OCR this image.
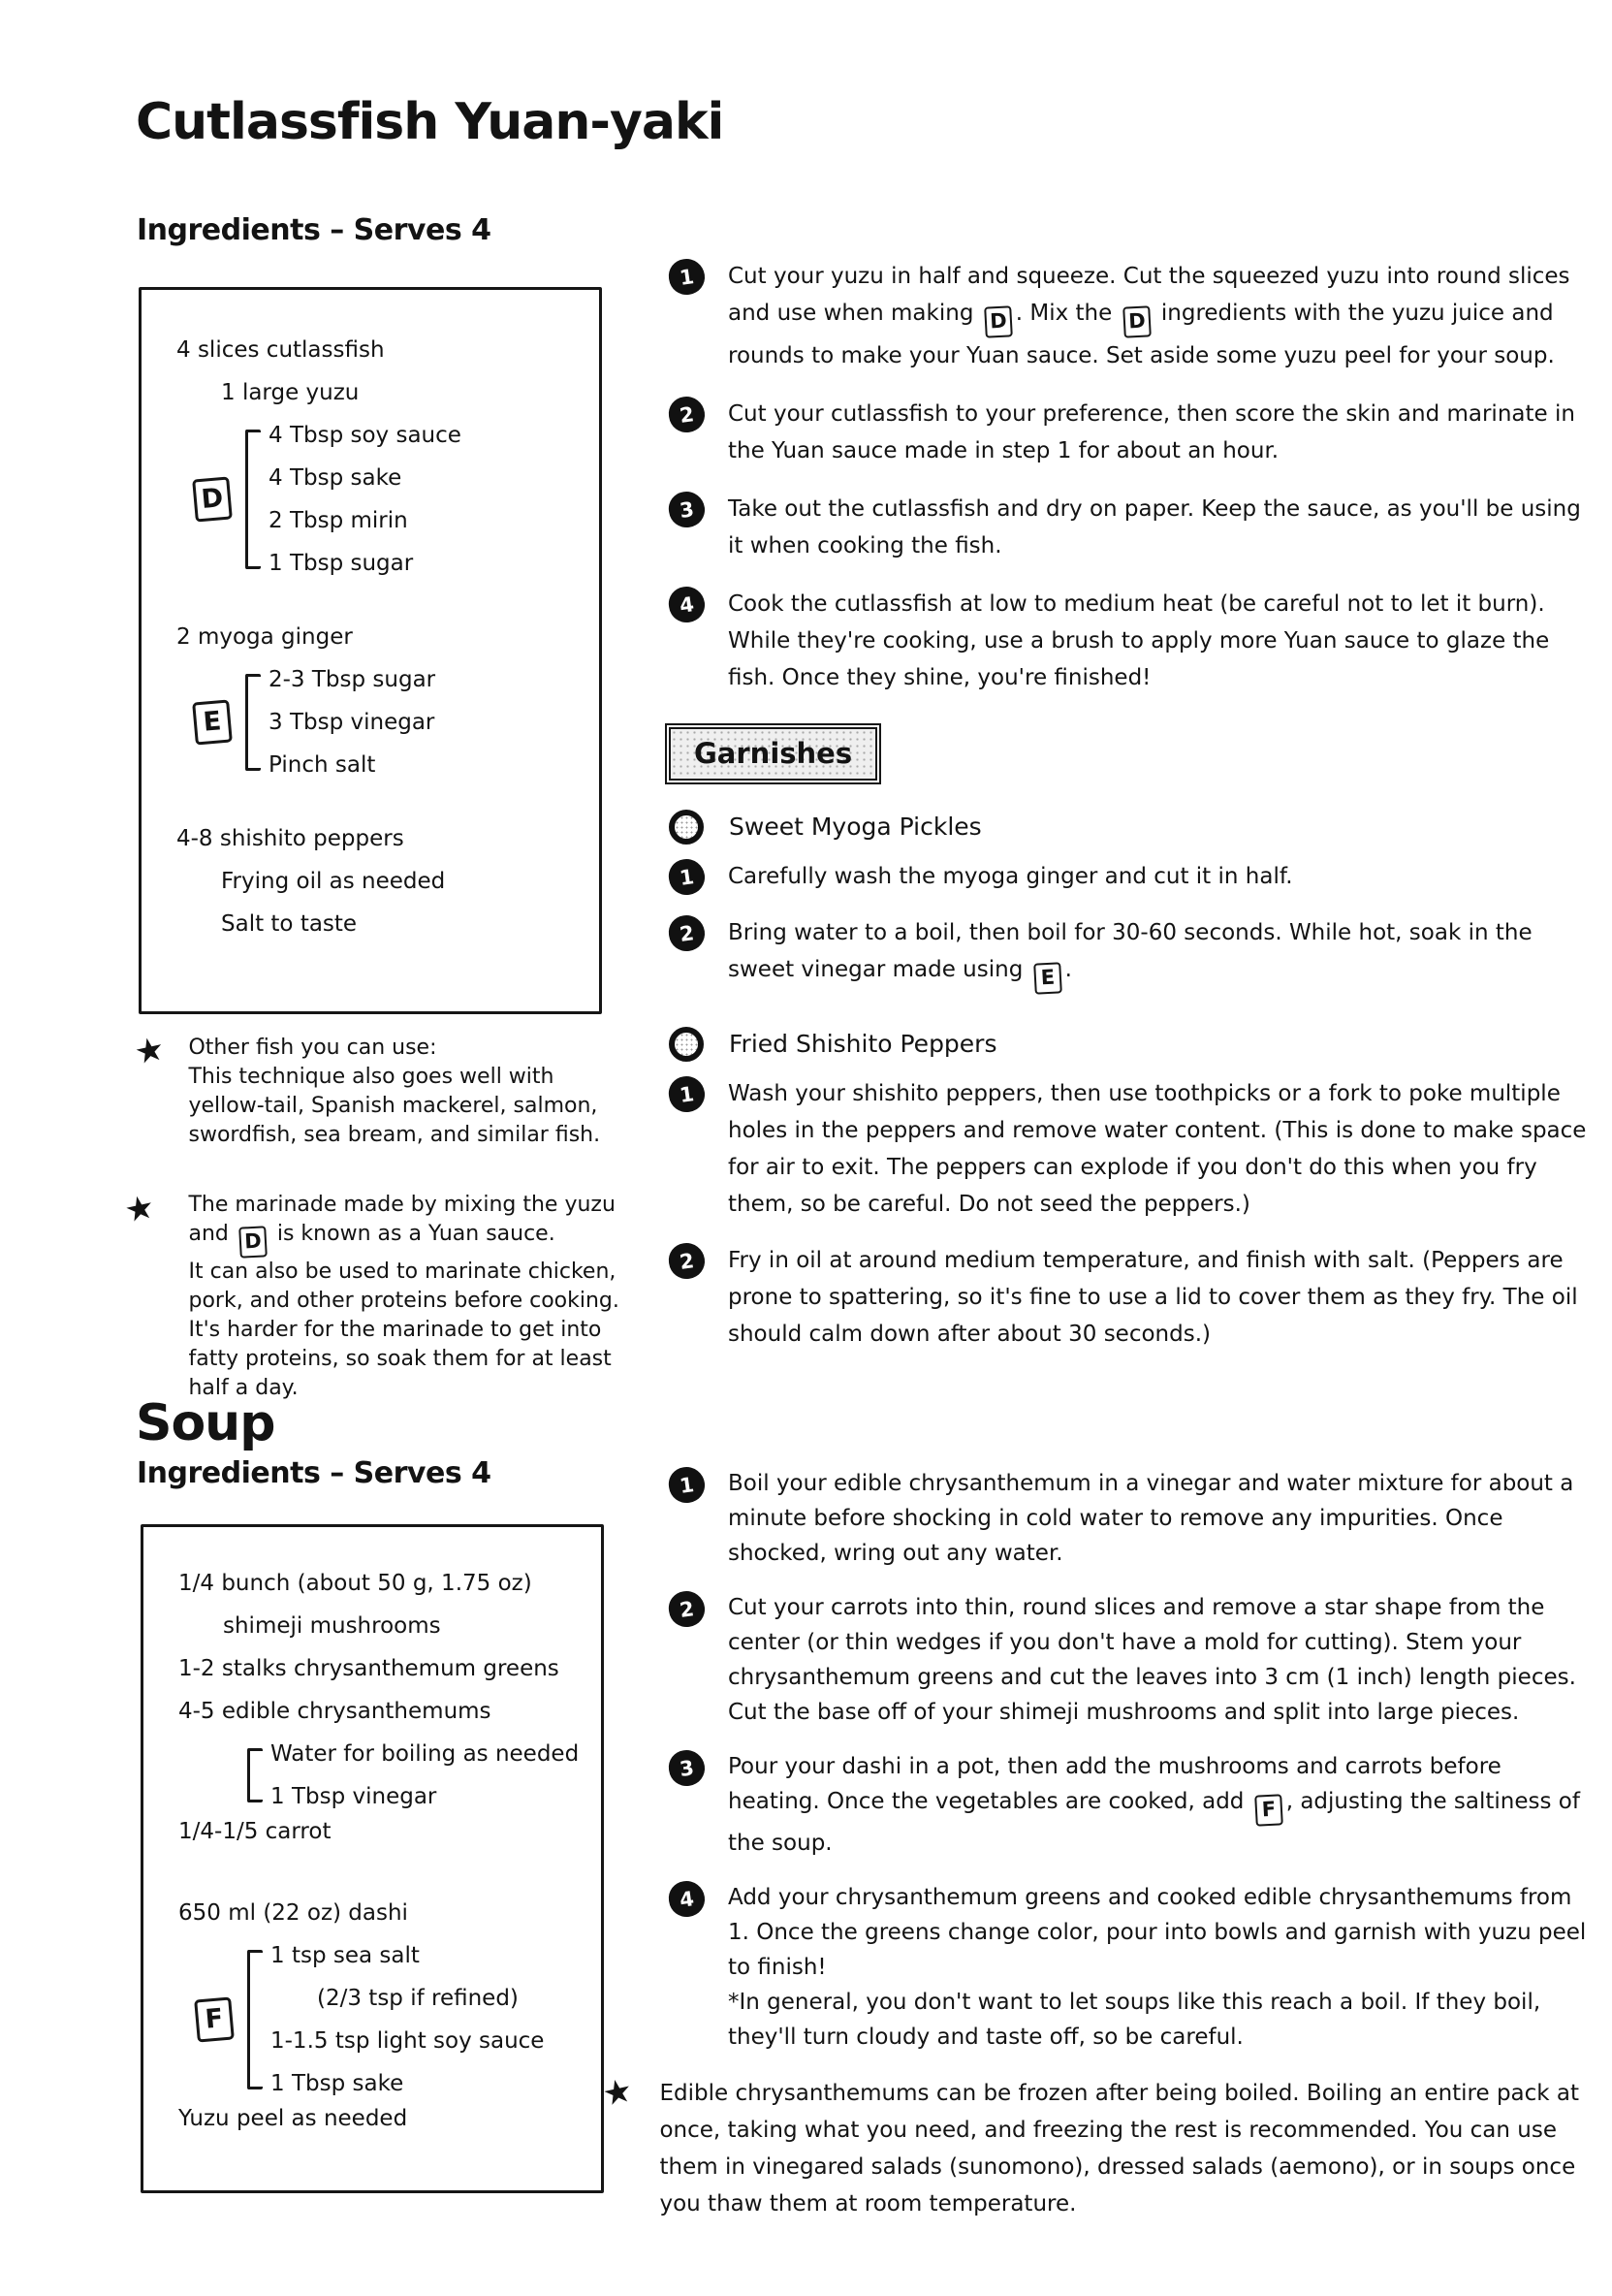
Cutlassfish Yuan-yaki
Ingredients – Serves 4
4 slices cutlassfish
1 large yuzu
D
4 Tbsp soy sauce
4 Tbsp sake
2 Tbsp mirin
1 Tbsp sugar
2 myoga ginger
E
2-3 Tbsp sugar
3 Tbsp vinegar
Pinch salt
4-8 shishito peppers
Frying oil as needed
Salt to taste
★ Other fish you can use:
This technique also goes well with yellow-tail, Spanish mackerel, salmon, swordfish, sea bream, and similar fish.
★	The marinade made by mixing the yuzu and D is known as a Yuan sauce.
It can also be used to marinate chicken, pork, and other proteins before cooking. It's harder for the marinade to get into fatty proteins, so soak them for at least half a day.
Soup
Ingredients – Serves 4
1/4 bunch (about 50 g, 1.75 oz)
shimeji mushrooms
1-2 stalks chrysanthemum greens
4-5 edible chrysanthemums
Water for boiling as needed
1 Tbsp vinegar
1/4-1/5 carrot
650 ml (22 oz) dashi
F
1 tsp sea salt
(2/3 tsp if refined)
1-1.5 tsp light soy sauce
1 Tbsp sake
Yuzu peel as needed
1	Cut your yuzu in half and squeeze. Cut the squeezed yuzu into round slices and use when making D . Mix the D ingredients with the yuzu juice and rounds to make your Yuan sauce. Set aside some yuzu peel for your soup.
2	Cut your cutlassfish to your preference, then score the skin and marinate in the Yuan sauce made in step 1 for about an hour.
3	Take out the cutlassfish and dry on paper. Keep the sauce, as you'll be using it when cooking the fish.
4	Cook the cutlassfish at low to medium heat (be careful not to let it burn). While they're cooking, use a brush to apply more Yuan sauce to glaze the fish. Once they shine, you're finished!
Garnishes
Sweet Myoga Pickles
1	Carefully wash the myoga ginger and cut it in half.
2	Bring water to a boil, then boil for 30-60 seconds. While hot, soak in the sweet vinegar made using E .
Fried Shishito Peppers
1	Wash your shishito peppers, then use toothpicks or a fork to poke multiple holes in the peppers and remove water content. (This is done to make space for air to exit. The peppers can explode if you don't do this when you fry them, so be careful. Do not seed the peppers.)
2	Fry in oil at around medium temperature, and finish with salt. (Peppers are prone to spattering, so it's fine to use a lid to cover them as they fry. The oil should calm down after about 30 seconds.)
1	Boil your edible chrysanthemum in a vinegar and water mixture for about a minute before shocking in cold water to remove any impurities. Once shocked, wring out any water.
2	Cut your carrots into thin, round slices and remove a star shape from the center (or thin wedges if you don't have a mold for cutting). Stem your chrysanthemum greens and cut the leaves into 3 cm (1 inch) length pieces. Cut the base off of your shimeji mushrooms and split into large pieces.
3	Pour your dashi in a pot, then add the mushrooms and carrots before heating. Once the vegetables are cooked, add F , adjusting the saltiness of the soup.
4	Add your chrysanthemum greens and cooked edible chrysanthemums from 1. Once the greens change color, pour into bowls and garnish with yuzu peel to finish!
*In general, you don't want to let soups like this reach a boil. If they boil, they'll turn cloudy and taste off, so be careful.
★	Edible chrysanthemums can be frozen after being boiled. Boiling an entire pack at once, taking what you need, and freezing the rest is recommended. You can use them in vinegared salads (sunomono), dressed salads (aemono), or in soups once you thaw them at room temperature.
